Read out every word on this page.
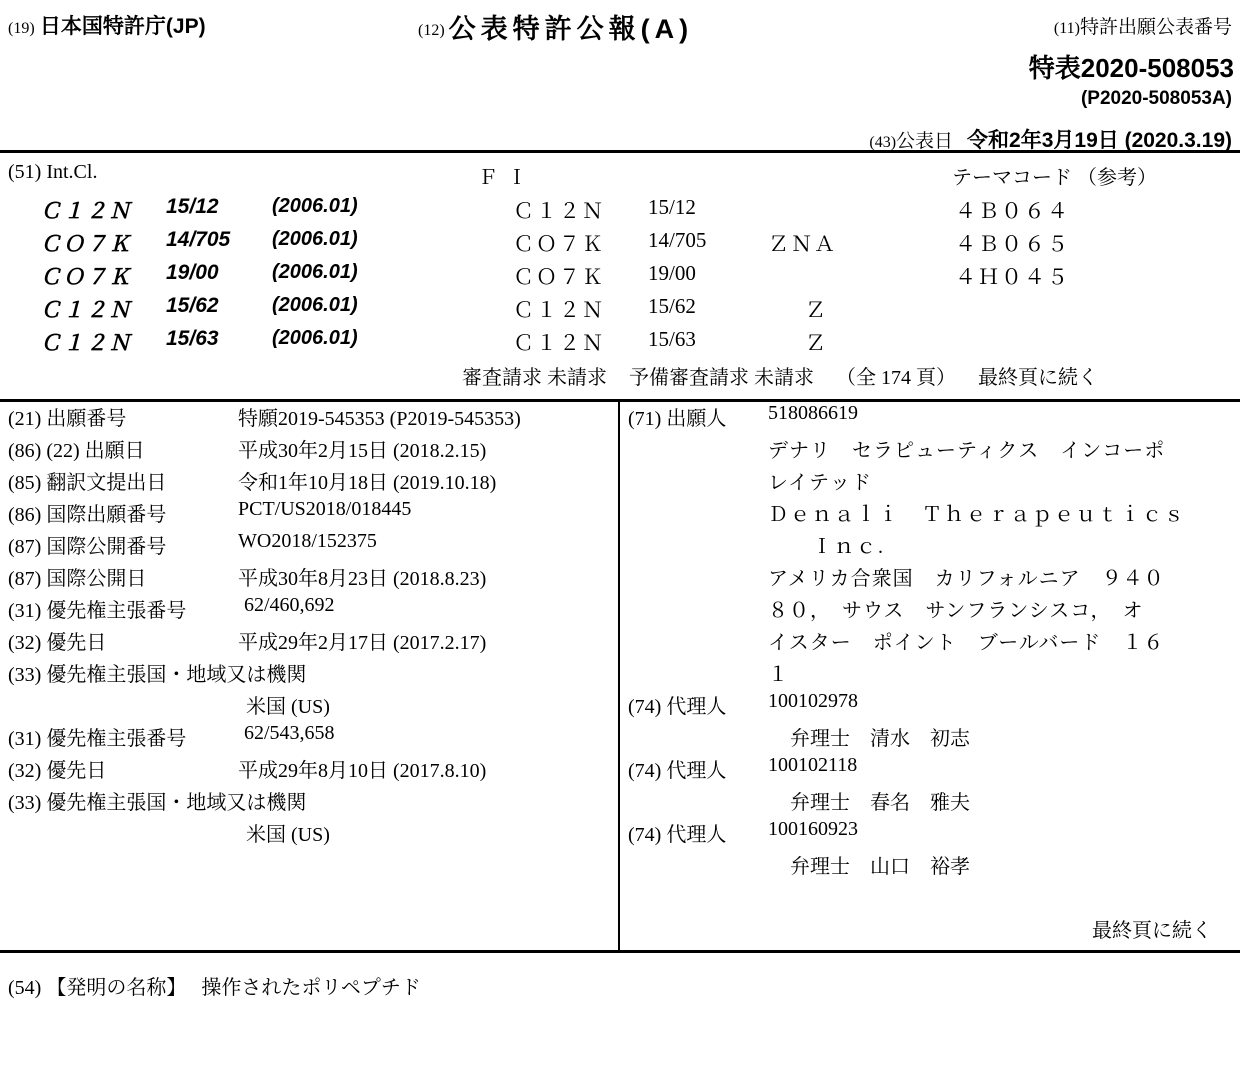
(19) 日本国特許庁(JP)	(12) 公表特許公報(A)	(11)特許出願公表番号
特表2020-508053
(P2020-508053A)
(43)公表日 令和2年3月19日 (2020.3.19)
(51) Int.Cl.	Ｆ Ｉ	テーマコード （参考）
Ｃ１２Ｎ 15/12	(2006.01)	Ｃ１２Ｎ 15/12	４Ｂ０６４
ＣＯ７Ｋ 14/705 (2006.01)	ＣＯ７Ｋ 14/705	ＺＮＡ	４Ｂ０６５
ＣＯ７Ｋ 19/00	(2006.01)	ＣＯ７Ｋ 19/00	４Ｈ０４５
Ｃ１２Ｎ 15/62	(2006.01)	Ｃ１２Ｎ 15/62	Ｚ
Ｃ１２Ｎ 15/63	(2006.01)	Ｃ１２Ｎ 15/63	Ｚ
審査請求 未請求 予備審査請求 未請求 （全 174 頁） 最終頁に続く
(21) 出願番号	特願2019-545353 (P2019-545353)
(86) (22) 出願日	平成30年2月15日 (2018.2.15)
(85) 翻訳文提出日	令和1年10月18日 (2019.10.18)
(86) 国際出願番号	PCT/US2018/018445
(87) 国際公開番号	WO2018/152375
(87) 国際公開日	平成30年8月23日 (2018.8.23)
(31) 優先権主張番号	62/460,692
(32) 優先日	平成29年2月17日 (2017.2.17)
(33) 優先権主張国・地域又は機関
米国 (US)
(31) 優先権主張番号	62/543,658
(32) 優先日	平成29年8月10日 (2017.8.10)
(33) 優先権主張国・地域又は機関
米国 (US)
(71) 出願人 518086619
デナリ　セラピューティクス　インコーポ
レイテッド
Ｄｅｎａｌｉ　Ｔｈｅｒａｐｅｕｔｉｃｓ
　Ｉｎｃ.
アメリカ合衆国　カリフォルニア　９４０
８０，　サウス　サンフランシスコ，　オ
イスター　ポイント　ブールバード　１６
１
(74) 代理人 100102978
弁理士　清水　初志
(74) 代理人 100102118
弁理士　春名　雅夫
(74) 代理人 100160923
弁理士　山口　裕孝
最終頁に続く
(54) 【発明の名称】 操作されたポリペプチド
